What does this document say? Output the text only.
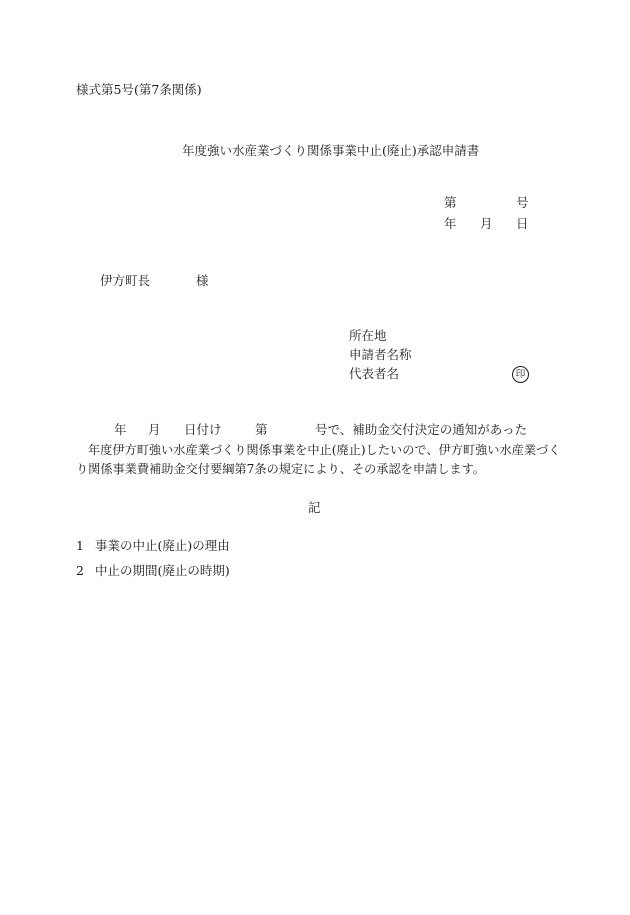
様式第5号(第7条関係)
年度強い水産業づくり関係事業中止(廃止)承認申請書
第	号
年 月 日
伊方町長	様
所在地
申請者名称
代表者名	印
年 月 日付け	第	号で、補助金交付決定の通知があった
年度伊方町強い水産業づくり関係事業を中止(廃止)したいので、伊方町強い水産業づく
り関係事業費補助金交付要綱第7条の規定により、その承認を申請します。
記
1 事業の中止(廃止)の理由
2 中止の期間(廃止の時期)
